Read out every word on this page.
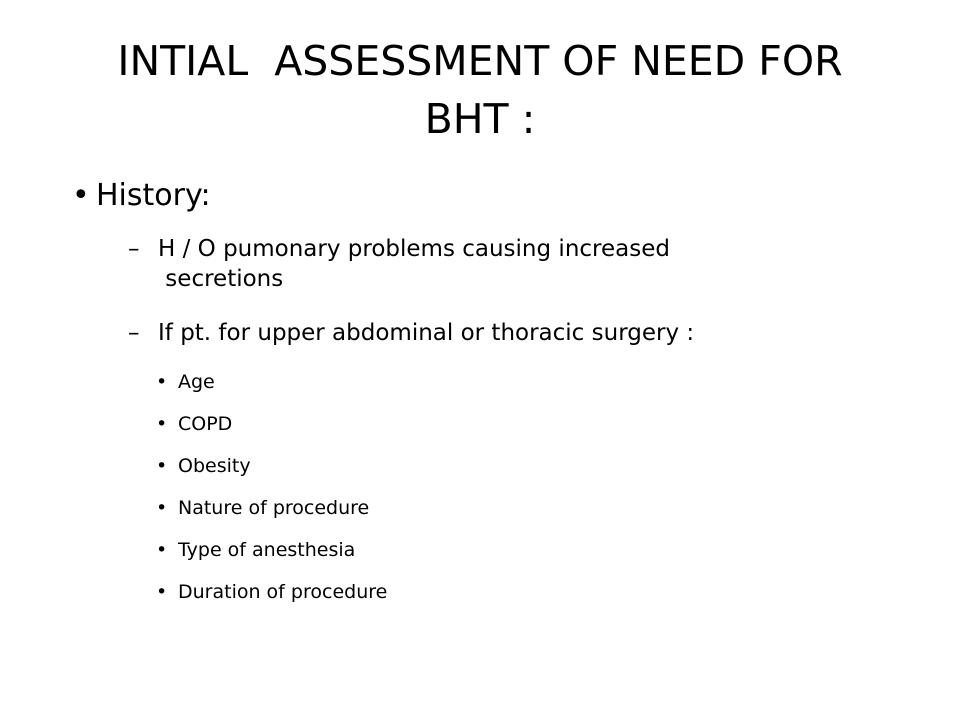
INTIAL  ASSESSMENT OF NEED FOR
BHT :
• History:
– H / O pumonary problems causing increased
secretions
– If pt. for upper abdominal or thoracic surgery :
• Age
• COPD
• Obesity
• Nature of procedure
• Type of anesthesia
• Duration of procedure
